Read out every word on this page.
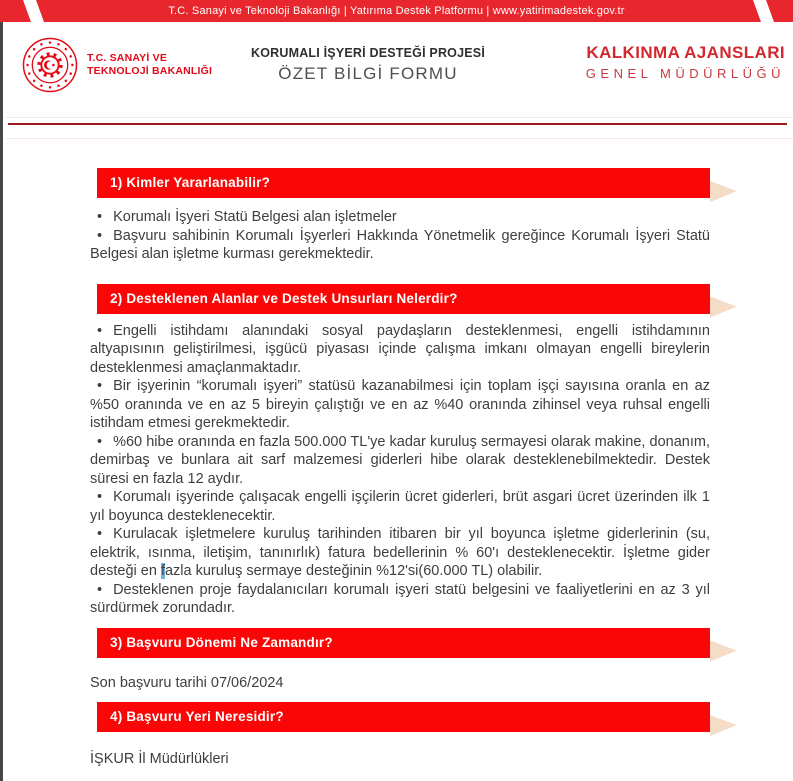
T.C. Sanayi ve Teknoloji Bakanlığı | Yatırıma Destek Platformu | www.yatirimadestek.gov.tr
T.C. SANAYİ VE
TEKNOLOJİ BAKANLIĞI
KORUMALI İŞYERİ DESTEĞİ PROJESİ
ÖZET BİLGİ FORMU
KALKINMA AJANSLARI
GENEL MÜDÜRLÜĞÜ
1) Kimler Yararlanabilir?

• Korumalı İşyeri Statü Belgesi alan işletmeler

• Başvuru sahibinin Korumalı İşyerleri Hakkında Yönetmelik gereğince Korumalı İşyeri Statü Belgesi alan işletme kurması gerekmektedir.

2) Desteklenen Alanlar ve Destek Unsurları Nelerdir?

• Engelli istihdamı alanındaki sosyal paydaşların desteklenmesi, engelli istihdamının altyapısının geliştirilmesi, işgücü piyasası içinde çalışma imkanı olmayan engelli bireylerin desteklenmesi amaçlanmaktadır.

• Bir işyerinin “korumalı işyeri” statüsü kazanabilmesi için toplam işçi sayısına oranla en az %50 oranında ve en az 5 bireyin çalıştığı ve en az %40 oranında zihinsel veya ruhsal engelli istihdam etmesi gerekmektedir.

• %60 hibe oranında en fazla 500.000 TL'ye kadar kuruluş sermayesi olarak makine, donanım, demirbaş ve bunlara ait sarf malzemesi giderleri hibe olarak desteklenebilmektedir. Destek süresi en fazla 12 aydır.

• Korumalı işyerinde çalışacak engelli işçilerin ücret giderleri, brüt asgari ücret üzerinden ilk 1 yıl boyunca desteklenecektir.

• Kurulacak işletmelere kuruluş tarihinden itibaren bir yıl boyunca işletme giderlerinin (su, elektrik, ısınma, iletişim, tanınırlık) fatura bedellerinin % 60'ı desteklenecektir. İşletme gider desteği en fazla kuruluş sermaye desteğinin %12'si(60.000 TL) olabilir.

• Desteklenen proje faydalanıcıları korumalı işyeri statü belgesini ve faaliyetlerini en az 3 yıl sürdürmek zorundadır.

3) Başvuru Dönemi Ne Zamandır?

Son başvuru tarihi 07/06/2024

4) Başvuru Yeri Neresidir?

İŞKUR İl Müdürlükleri
